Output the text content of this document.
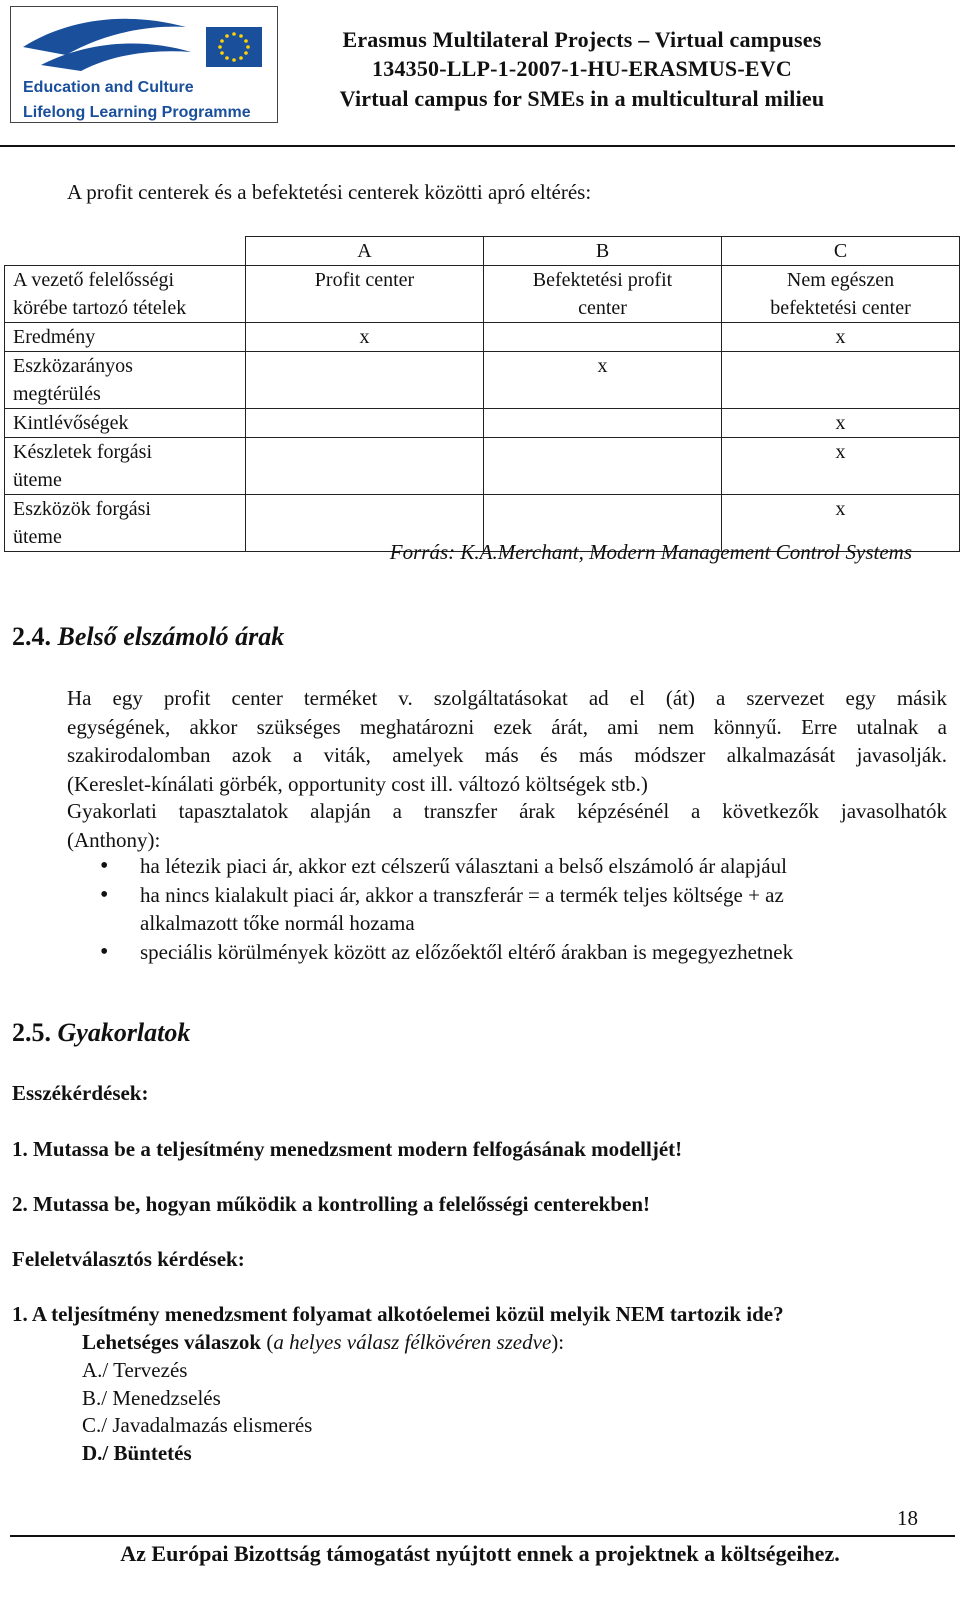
Education and Culture
Lifelong Learning Programme
Erasmus Multilateral Projects – Virtual campuses
134350-LLP-1-2007-1-HU-ERASMUS-EVC
Virtual campus for SMEs in a multicultural milieu
A profit centerek és a befektetési centerek közötti apró eltérés:
	A	B	C

A vezető felelősségi
körébe tartozó tételek	Profit center	Befektetési profit
center	Nem egészen
befektetési center

Eredmény	x		x

Eszközarányos
megtérülés		x	

Kintlévőségek			x

Készletek forgási
üteme			x

Eszközök forgási
üteme			x
Forrás: K.A.Merchant, Modern Management Control Systems
2.4. Belső elszámoló árak
Ha egy profit center terméket v. szolgáltatásokat ad el (át) a szervezet egy másik
egységének, akkor szükséges meghatározni ezek árát, ami nem könnyű. Erre utalnak a
szakirodalomban azok a viták, amelyek más és más módszer alkalmazását javasolják.
(Kereslet-kínálati görbék, opportunity cost ill. változó költségek stb.)
Gyakorlati tapasztalatok alapján a transzfer árak képzésénél a következők javasolhatók
(Anthony):
• ha létezik piaci ár, akkor ezt célszerű választani a belső elszámoló ár alapjául
• ha nincs kialakult piaci ár, akkor a transzferár = a termék teljes költsége + az
alkalmazott tőke normál hozama
• speciális körülmények között az előzőektől eltérő árakban is megegyezhetnek
2.5. Gyakorlatok
Esszékérdések:
1. Mutassa be a teljesítmény menedzsment modern felfogásának modelljét!
2. Mutassa be, hogyan működik a kontrolling a felelősségi centerekben!
Feleletválasztós kérdések:
1. A teljesítmény menedzsment folyamat alkotóelemei közül melyik NEM tartozik ide?
Lehetséges válaszok (a helyes válasz félkövéren szedve):
A./ Tervezés
B./ Menedzselés
C./ Javadalmazás elismerés
D./ Büntetés
18
Az Európai Bizottság támogatást nyújtott ennek a projektnek a költségeihez.
